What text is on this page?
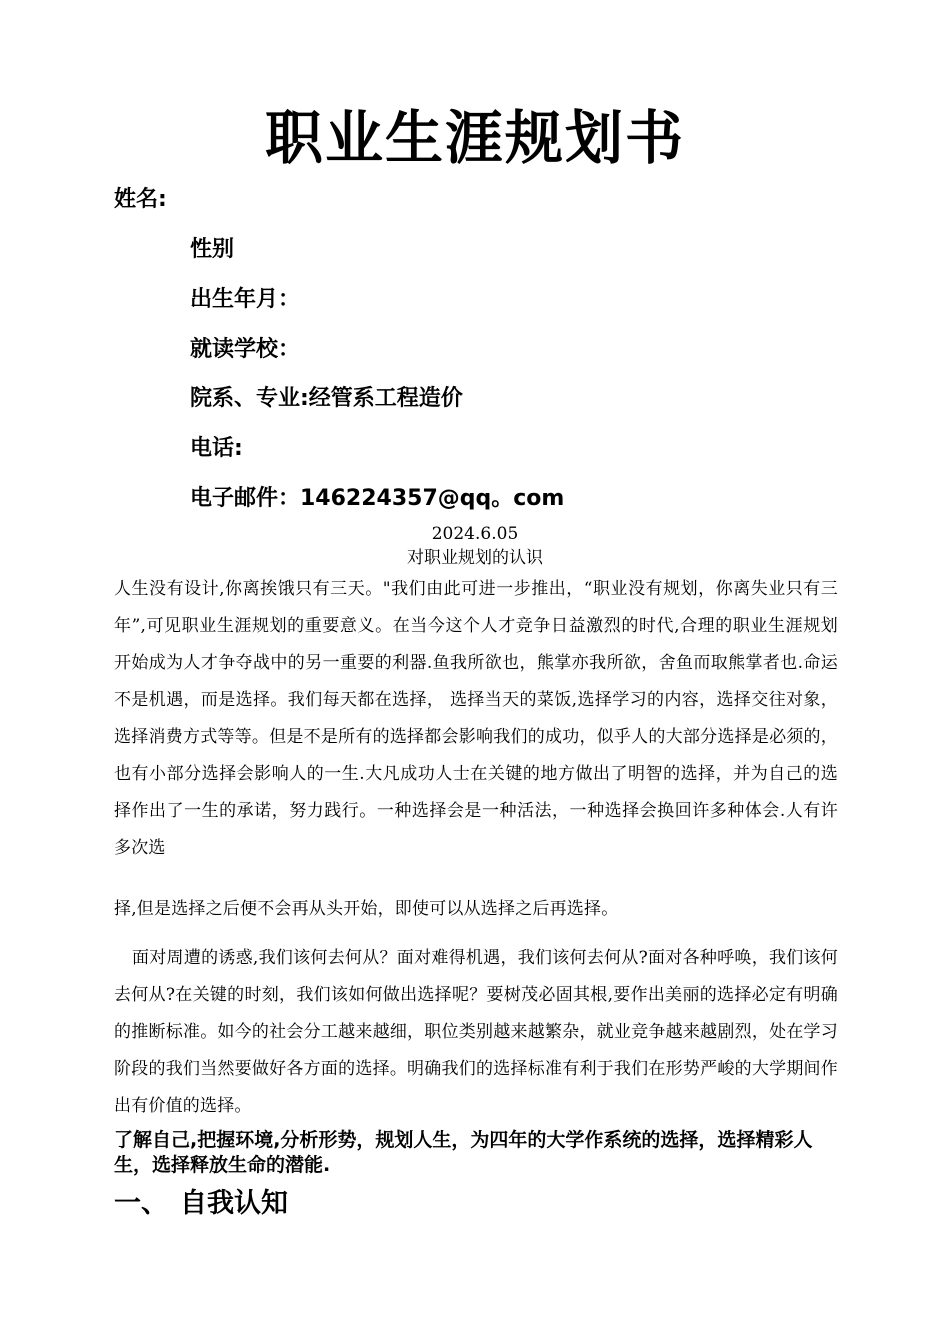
职业生涯规划书
姓名:
性别
出生年月：
就读学校：
院系、专业:经管系工程造价
电话:
电子邮件：146224357@qq。com
2024.6.05
对职业规划的认识
人生没有设计,你离挨饿只有三天。"我们由此可进一步推出，“职业没有规划，你离失业只有三年”,可见职业生涯规划的重要意义。在当今这个人才竞争日益激烈的时代,合理的职业生涯规划开始成为人才争夺战中的另一重要的利器.鱼我所欲也，熊掌亦我所欲，舍鱼而取熊掌者也.命运不是机遇，而是选择。我们每天都在选择， 选择当天的菜饭,选择学习的内容，选择交往对象，选择消费方式等等。但是不是所有的选择都会影响我们的成功，似乎人的大部分选择是必须的，也有小部分选择会影响人的一生.大凡成功人士在关键的地方做出了明智的选择，并为自己的选择作出了一生的承诺，努力践行。一种选择会是一种活法，一种选择会换回许多种体会.人有许多次选
择,但是选择之后便不会再从头开始，即使可以从选择之后再选择。
面对周遭的诱惑,我们该何去何从？面对难得机遇，我们该何去何从?面对各种呼唤，我们该何去何从?在关键的时刻，我们该如何做出选择呢？要树茂必固其根,要作出美丽的选择必定有明确的推断标准。如今的社会分工越来越细，职位类别越来越繁杂，就业竞争越来越剧烈，处在学习阶段的我们当然要做好各方面的选择。明确我们的选择标准有利于我们在形势严峻的大学期间作出有价值的选择。
了解自己,把握环境,分析形势，规划人生，为四年的大学作系统的选择，选择精彩人生，选择释放生命的潜能.
一、 自我认知
